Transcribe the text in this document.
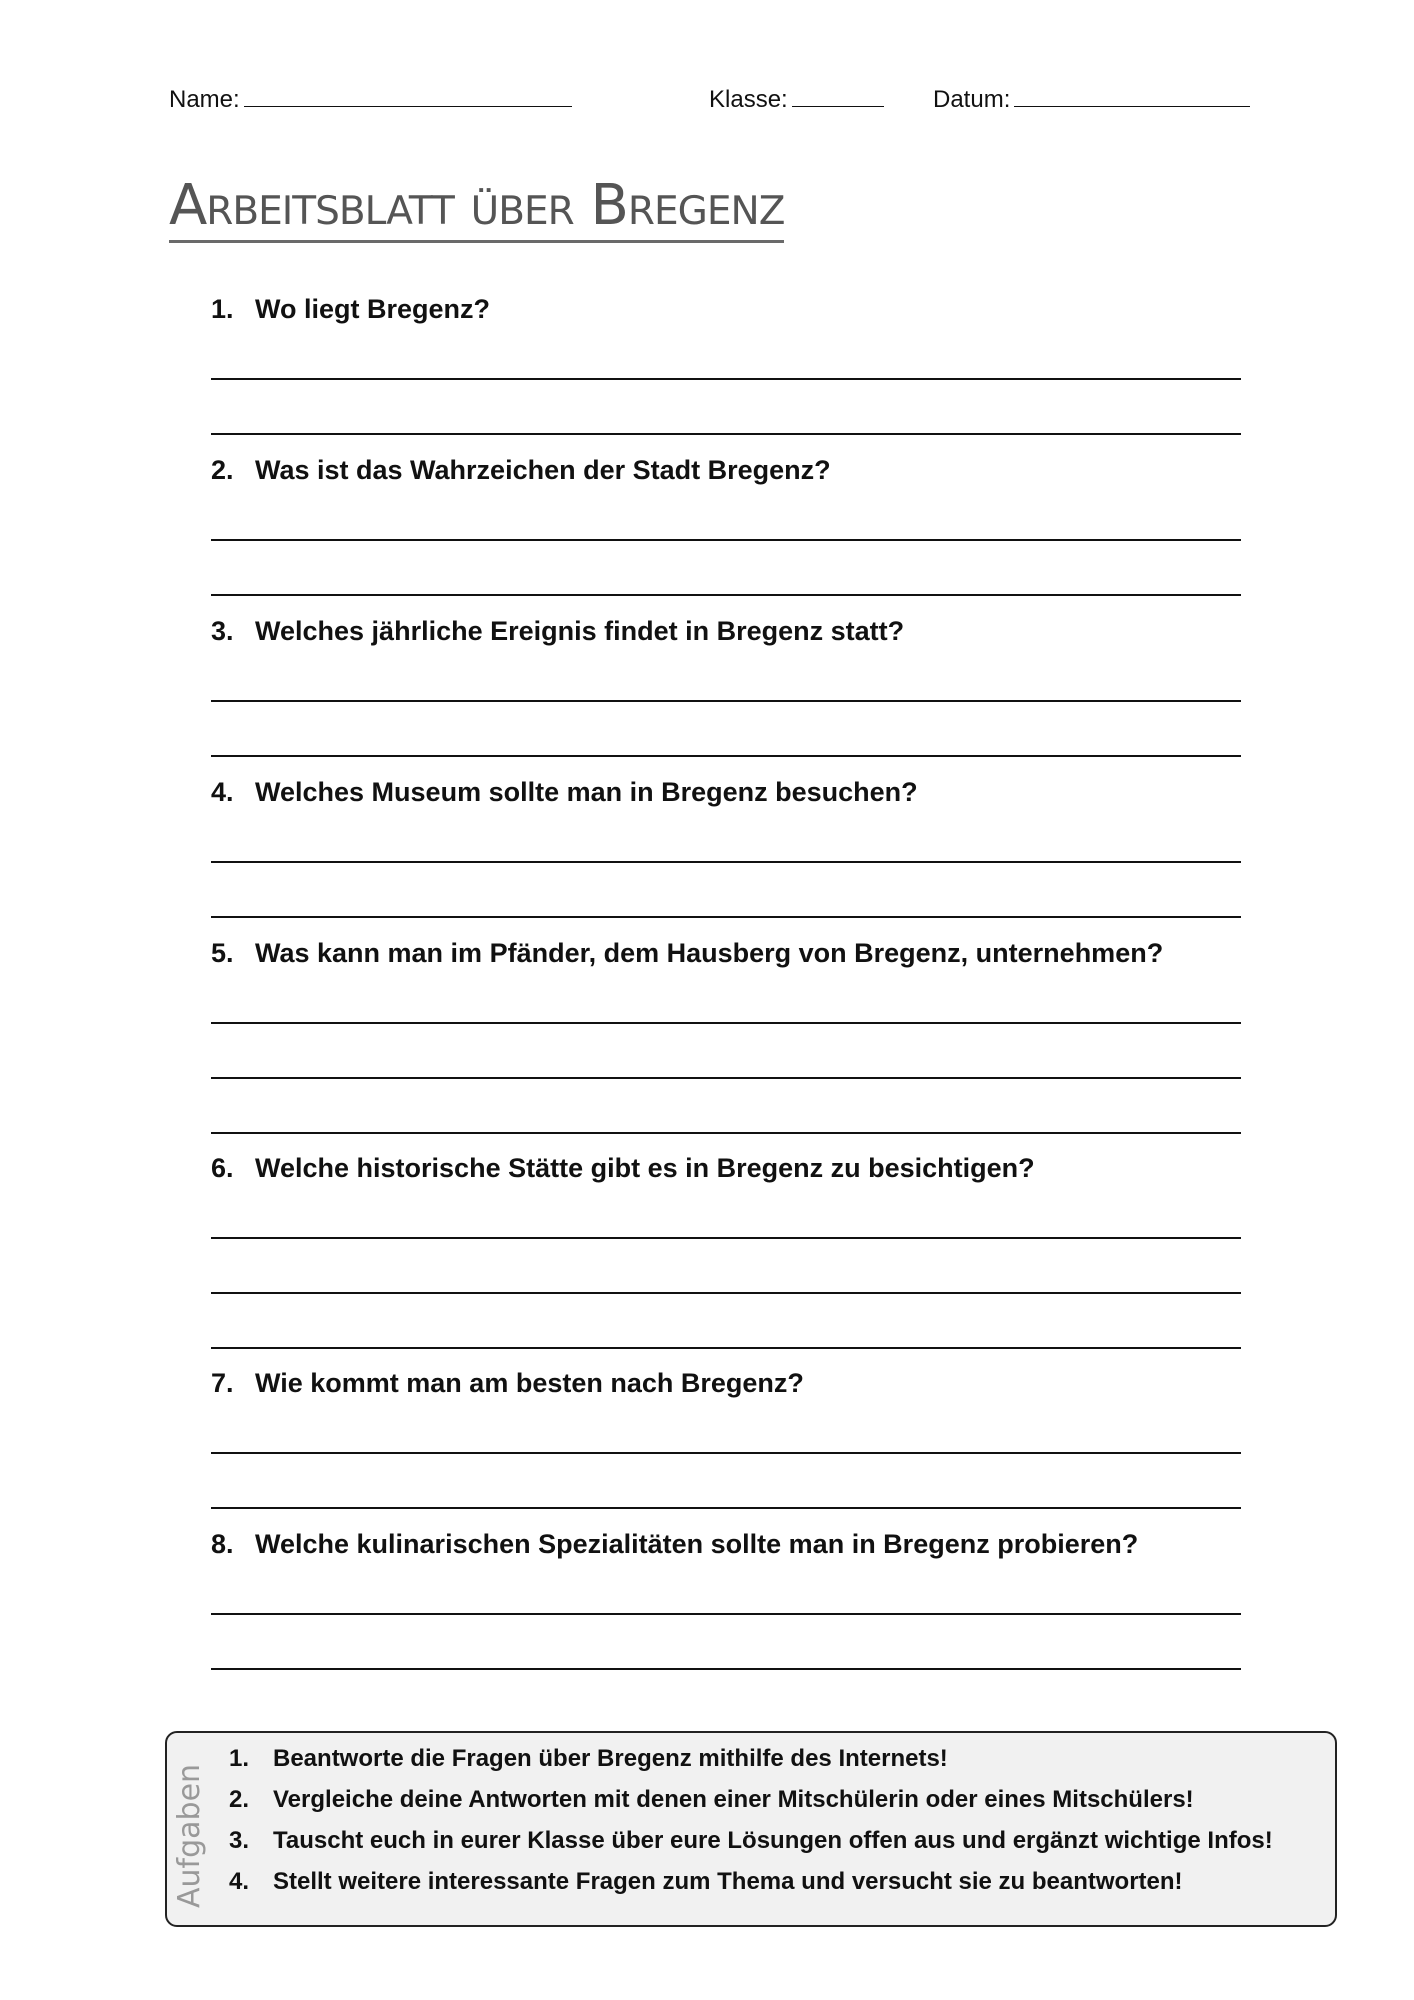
Name:	Klasse:	Datum:
Arbeitsblatt über Bregenz
1. Wo liegt Bregenz?
2. Was ist das Wahrzeichen der Stadt Bregenz?
3. Welches jährliche Ereignis findet in Bregenz statt?
4. Welches Museum sollte man in Bregenz besuchen?
5. Was kann man im Pfänder, dem Hausberg von Bregenz, unternehmen?
6. Welche historische Stätte gibt es in Bregenz zu besichtigen?
7. Wie kommt man am besten nach Bregenz?
8. Welche kulinarischen Spezialitäten sollte man in Bregenz probieren?
Aufgaben
1. Beantworte die Fragen über Bregenz mithilfe des Internets!
2. Vergleiche deine Antworten mit denen einer Mitschülerin oder eines Mitschülers!
3. Tauscht euch in eurer Klasse über eure Lösungen offen aus und ergänzt wichtige Infos!
4. Stellt weitere interessante Fragen zum Thema und versucht sie zu beantworten!
